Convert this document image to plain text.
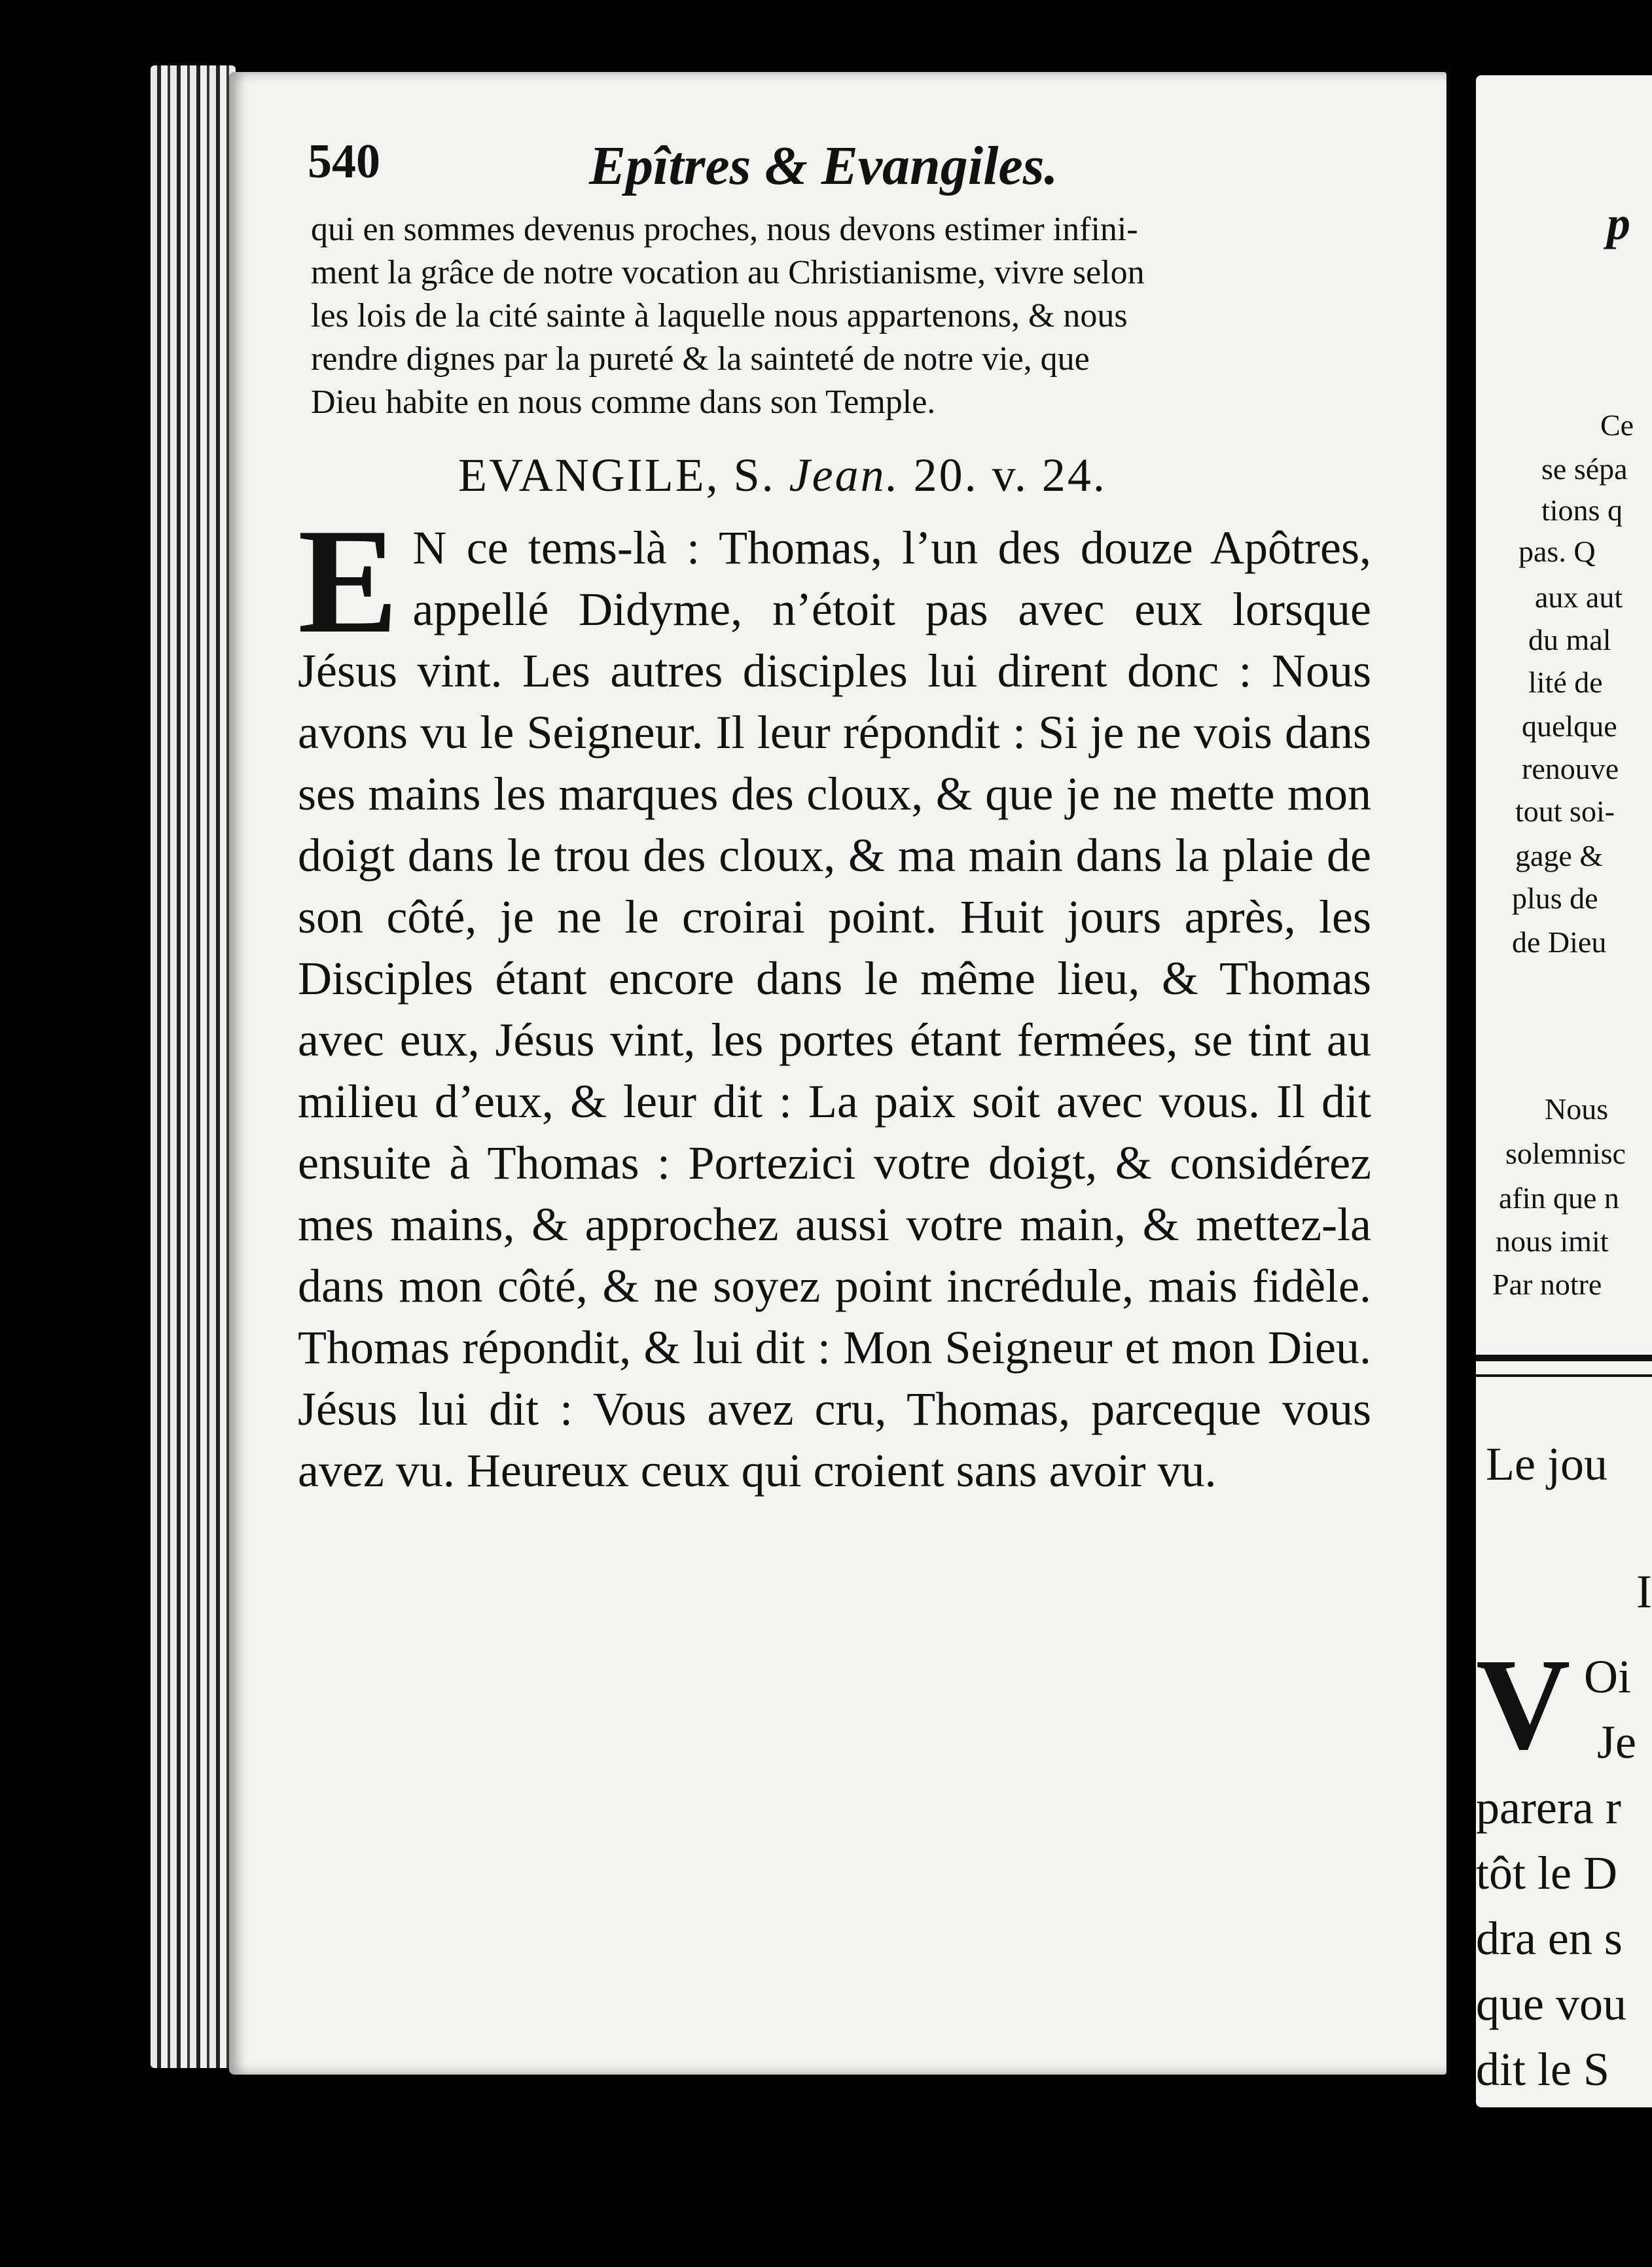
540	Epîtres & Evangiles.

qui en sommes devenus proches, nous devons estimer infini-

ment la grâce de notre vocation au Christianisme, vivre selon

les lois de la cité sainte à laquelle nous appartenons, & nous

rendre dignes par la pureté & la sainteté de notre vie, que

Dieu habite en nous comme dans son Temple.

EVANGILE, S. Jean. 20. v. 24.
E N ce tems-là : Thomas, l’un des douze Apôtres, appellé Didyme, n’étoit pas avec eux lorsque Jésus vint. Les autres disciples lui dirent donc : Nous avons vu le Seigneur. Il leur répondit : Si je ne vois dans ses mains les marques des cloux, & que je ne mette mon doigt dans le trou des cloux, & ma main dans la plaie de son côté, je ne le croirai point. Huit jours après, les Disciples étant encore dans le même lieu, & Thomas avec eux, Jésus vint, les portes étant fermées, se tint au milieu d’eux, & leur dit : La paix soit avec vous. Il dit ensuite à Thomas : Portezici votre doigt, & considérez mes mains, & approchez aussi votre main, & mettez-la dans mon côté, & ne soyez point incrédule, mais fidèle. Thomas répondit, & lui dit : Mon Seigneur et mon Dieu. Jésus lui dit : Vous avez cru, Thomas, parceque vous avez vu. Heureux ceux qui croient sans avoir vu.
p
Ce
se sépa
tions q
pas. Q
aux aut
du mal
lité de
quelque
renouve
tout soi-
gage &
plus de
de Dieu
Nous
solemnisc
afin que n
nous imit
Par notre
Le jou
I
V Oi
Je
parera r
tôt le D
dra en s
que vou
dit le S
